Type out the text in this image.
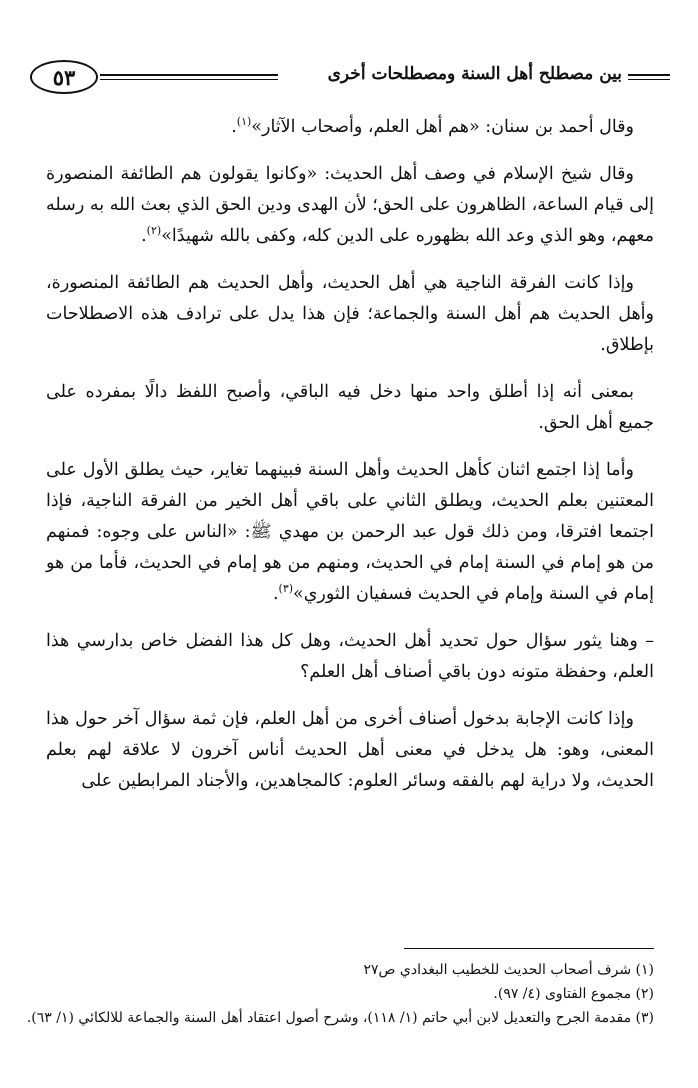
بين مصطلح أهل السنة ومصطلحات أخرى
٥٣

وقال أحمد بن سنان: «هم أهل العلم، وأصحاب الآثار»$^{(١)}$.

وقال شيخ الإسلام في وصف أهل الحديث: «وكانوا يقولون هم الطائفة المنصورة إلى قيام الساعة، الظاهرون على الحق؛ لأن الهدى ودين الحق الذي بعث الله به رسله معهم، وهو الذي وعد الله بظهوره على الدين كله، وكفى بالله شهيدًا»$^{(٢)}$.

وإذا كانت الفرقة الناجية هي أهل الحديث، وأهل الحديث هم الطائفة المنصورة، وأهل الحديث هم أهل السنة والجماعة؛ فإن هذا يدل على ترادف هذه الاصطلاحات بإطلاق.

بمعنى أنه إذا أطلق واحد منها دخل فيه الباقي، وأصبح اللفظ دالًا بمفرده على جميع أهل الحق.

وأما إذا اجتمع اثنان كأهل الحديث وأهل السنة فبينهما تغاير، حيث يطلق الأول على المعتنين بعلم الحديث، ويطلق الثاني على باقي أهل الخير من الفرقة الناجية، فإذا اجتمعا افترقا، ومن ذلك قول عبد الرحمن بن مهدي ﷺ: «الناس على وجوه: فمنهم من هو إمام في السنة إمام في الحديث، ومنهم من هو إمام في الحديث، فأما من هو إمام في السنة وإمام في الحديث فسفيان الثوري»$^{(٣)}$.

– وهنا يثور سؤال حول تحديد أهل الحديث، وهل كل هذا الفضل خاص بدارسي هذا العلم، وحفظة متونه دون باقي أصناف أهل العلم؟

وإذا كانت الإجابة بدخول أصناف أخرى من أهل العلم، فإن ثمة سؤال آخر حول هذا المعنى، وهو: هل يدخل في معنى أهل الحديث أناس آخرون لا علاقة لهم بعلم الحديث، ولا دراية لهم بالفقه وسائر العلوم: كالمجاهدين، والأجناد المرابطين على

(١) شرف أصحاب الحديث للخطيب البغدادي ص٢٧
(٢) مجموع الفتاوى (٤/ ٩٧).
(٣) مقدمة الجرح والتعديل لابن أبي حاتم (١/ ١١٨)، وشرح أصول اعتقاد أهل السنة والجماعة للالكائي (١/ ٦٣).
